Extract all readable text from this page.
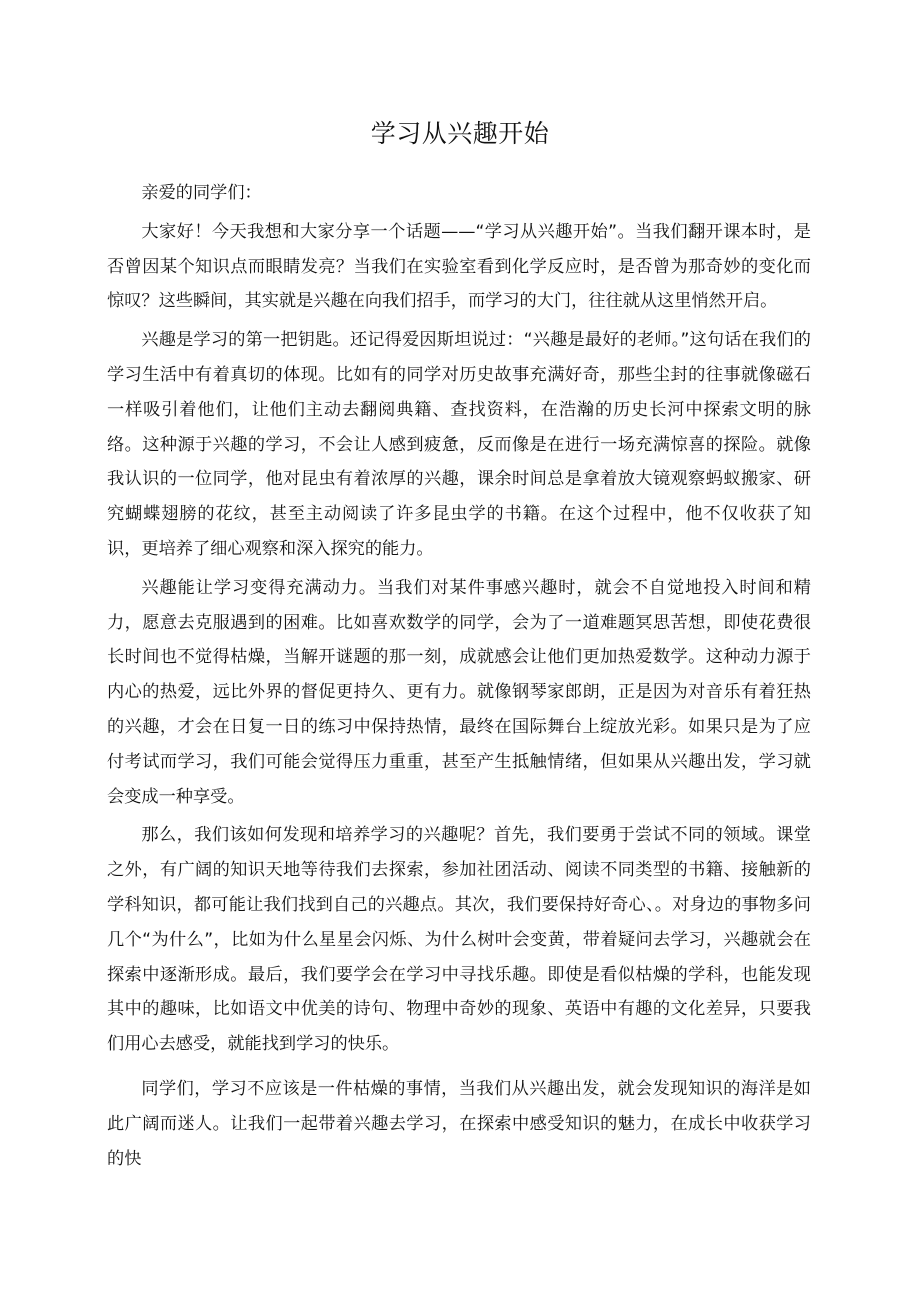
学习从兴趣开始

亲爱的同学们：

大家好！今天我想和大家分享一个话题——“学习从兴趣开始”。当我们翻开课本时，是否曾因某个知识点而眼睛发亮？当我们在实验室看到化学反应时，是否曾为那奇妙的变化而惊叹？这些瞬间，其实就是兴趣在向我们招手，而学习的大门，往往就从这里悄然开启。

兴趣是学习的第一把钥匙。还记得爱因斯坦说过：“兴趣是最好的老师。”这句话在我们的学习生活中有着真切的体现。比如有的同学对历史故事充满好奇，那些尘封的往事就像磁石一样吸引着他们，让他们主动去翻阅典籍、查找资料，在浩瀚的历史长河中探索文明的脉络。这种源于兴趣的学习，不会让人感到疲惫，反而像是在进行一场充满惊喜的探险。就像我认识的一位同学，他对昆虫有着浓厚的兴趣，课余时间总是拿着放大镜观察蚂蚁搬家、研究蝴蝶翅膀的花纹，甚至主动阅读了许多昆虫学的书籍。在这个过程中，他不仅收获了知识，更培养了细心观察和深入探究的能力。

兴趣能让学习变得充满动力。当我们对某件事感兴趣时，就会不自觉地投入时间和精力，愿意去克服遇到的困难。比如喜欢数学的同学，会为了一道难题冥思苦想，即使花费很长时间也不觉得枯燥，当解开谜题的那一刻，成就感会让他们更加热爱数学。这种动力源于内心的热爱，远比外界的督促更持久、更有力。就像钢琴家郎朗，正是因为对音乐有着狂热的兴趣，才会在日复一日的练习中保持热情，最终在国际舞台上绽放光彩。如果只是为了应付考试而学习，我们可能会觉得压力重重，甚至产生抵触情绪，但如果从兴趣出发，学习就会变成一种享受。

那么，我们该如何发现和培养学习的兴趣呢？首先，我们要勇于尝试不同的领域。课堂之外，有广阔的知识天地等待我们去探索，参加社团活动、阅读不同类型的书籍、接触新的学科知识，都可能让我们找到自己的兴趣点。其次，我们要保持好奇心、。对身边的事物多问几个“为什么”，比如为什么星星会闪烁、为什么树叶会变黄，带着疑问去学习，兴趣就会在探索中逐渐形成。最后，我们要学会在学习中寻找乐趣。即使是看似枯燥的学科，也能发现其中的趣味，比如语文中优美的诗句、物理中奇妙的现象、英语中有趣的文化差异，只要我们用心去感受，就能找到学习的快乐。

同学们，学习不应该是一件枯燥的事情，当我们从兴趣出发，就会发现知识的海洋是如此广阔而迷人。让我们一起带着兴趣去学习，在探索中感受知识的魅力，在成长中收获学习的快
